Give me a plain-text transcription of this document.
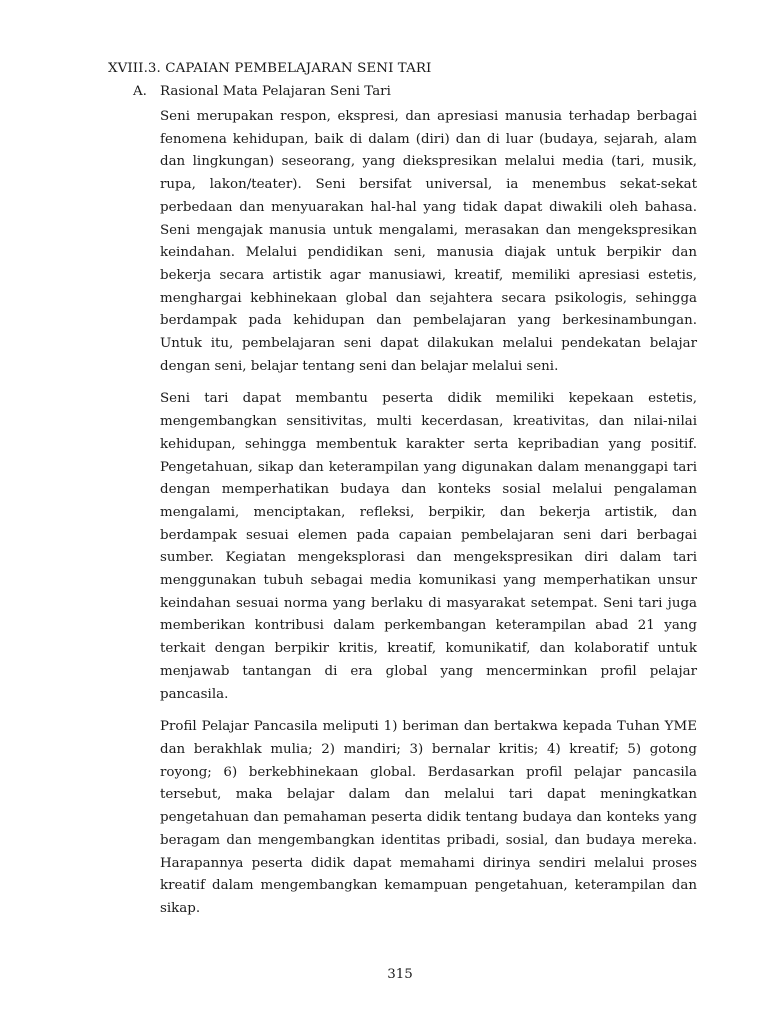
XVIII.3. CAPAIAN PEMBELAJARAN SENI TARI
A. Rasional Mata Pelajaran Seni Tari

Seni merupakan respon, ekspresi, dan apresiasi manusia terhadap berbagai fenomena kehidupan, baik di dalam (diri) dan di luar (budaya, sejarah, alam dan lingkungan) seseorang, yang diekspresikan melalui media (tari, musik, rupa, lakon/teater). Seni bersifat universal, ia menembus sekat-sekat perbedaan dan menyuarakan hal-hal yang tidak dapat diwakili oleh bahasa. Seni mengajak manusia untuk mengalami, merasakan dan mengekspresikan keindahan. Melalui pendidikan seni, manusia diajak untuk berpikir dan bekerja secara artistik agar manusiawi, kreatif, memiliki apresiasi estetis, menghargai kebhinekaan global dan sejahtera secara psikologis, sehingga berdampak pada kehidupan dan pembelajaran yang berkesinambungan. Untuk itu, pembelajaran seni dapat dilakukan melalui pendekatan belajar dengan seni, belajar tentang seni dan belajar melalui seni.

Seni tari dapat membantu peserta didik memiliki kepekaan estetis, mengembangkan sensitivitas, multi kecerdasan, kreativitas, dan nilai-nilai kehidupan, sehingga membentuk karakter serta kepribadian yang positif. Pengetahuan, sikap dan keterampilan yang digunakan dalam menanggapi tari dengan memperhatikan budaya dan konteks sosial melalui pengalaman mengalami, menciptakan, refleksi, berpikir, dan bekerja artistik, dan berdampak sesuai elemen pada capaian pembelajaran seni dari berbagai sumber. Kegiatan mengeksplorasi dan mengekspresikan diri dalam tari menggunakan tubuh sebagai media komunikasi yang memperhatikan unsur keindahan sesuai norma yang berlaku di masyarakat setempat. Seni tari juga memberikan kontribusi dalam perkembangan keterampilan abad 21 yang terkait dengan berpikir kritis, kreatif, komunikatif, dan kolaboratif untuk menjawab tantangan di era global yang mencerminkan profil pelajar pancasila.

Profil Pelajar Pancasila meliputi 1) beriman dan bertakwa kepada Tuhan YME dan berakhlak mulia; 2) mandiri; 3) bernalar kritis; 4) kreatif; 5) gotong royong; 6) berkebhinekaan global. Berdasarkan profil pelajar pancasila tersebut, maka belajar dalam dan melalui tari dapat meningkatkan pengetahuan dan pemahaman peserta didik tentang budaya dan konteks yang beragam dan mengembangkan identitas pribadi, sosial, dan budaya mereka. Harapannya peserta didik dapat memahami dirinya sendiri melalui proses kreatif dalam mengembangkan kemampuan pengetahuan, keterampilan dan sikap.

315
